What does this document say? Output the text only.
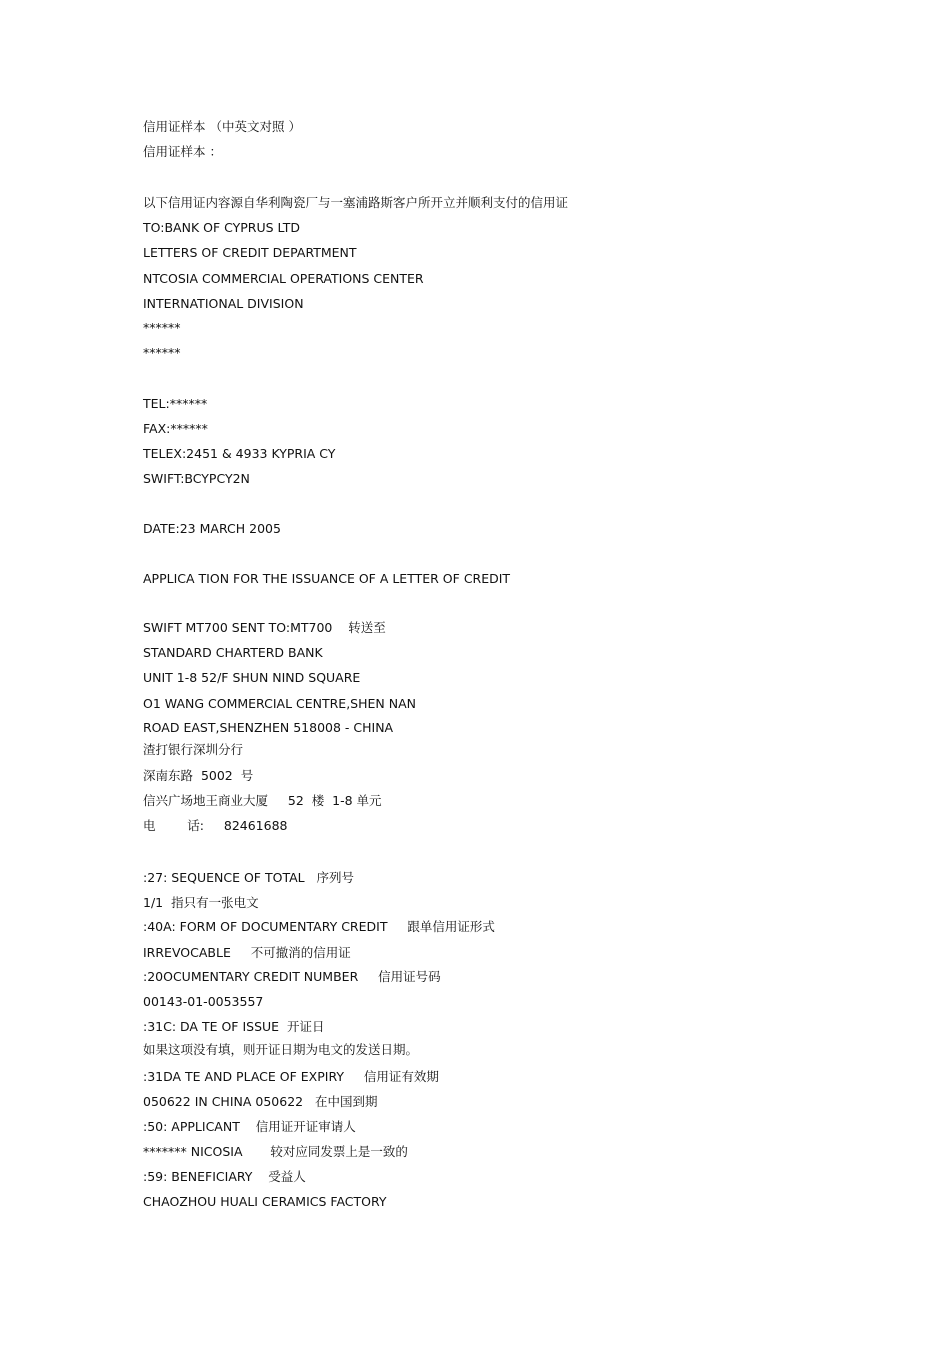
信用证样本 （中英文对照 ）
信用证样本 ：
以下信用证内容源自华利陶瓷厂与一塞浦路斯客户所开立并顺利支付的信用证
TO:BANK OF CYPRUS LTD
LETTERS OF CREDIT DEPARTMENT
NTCOSIA COMMERCIAL OPERATIONS CENTER
INTERNATIONAL DIVISION
******
******
TEL:******
FAX:******
TELEX:2451 & 4933 KYPRIA CY
SWIFT:BCYPCY2N
DATE:23 MARCH 2005
APPLICA TION FOR THE ISSUANCE OF A LETTER OF CREDIT
SWIFT MT700 SENT TO:MT700    转送至
STANDARD CHARTERD BANK
UNIT 1-8 52/F SHUN NIND SQUARE
O1 WANG COMMERCIAL CENTRE,SHEN NAN
ROAD EAST,SHENZHEN 518008 - CHINA
渣打银行深圳分行
深南东路  5002  号
信兴广场地王商业大厦     52  楼  1-8 单元
电        话:     82461688
:27: SEQUENCE OF TOTAL   序列号
1/1  指只有一张电文
:40A: FORM OF DOCUMENTARY CREDIT     跟单信用证形式
IRREVOCABLE     不可撤消的信用证
:20OCUMENTARY CREDIT NUMBER     信用证号码
00143-01-0053557
:31C: DA TE OF ISSUE  开证日
如果这项没有填，则开证日期为电文的发送日期。
:31DA TE AND PLACE OF EXPIRY     信用证有效期
050622 IN CHINA 050622   在中国到期
:50: APPLICANT    信用证开证审请人
******* NICOSIA       较对应同发票上是一致的
:59: BENEFICIARY    受益人
CHAOZHOU HUALI CERAMICS FACTORY
